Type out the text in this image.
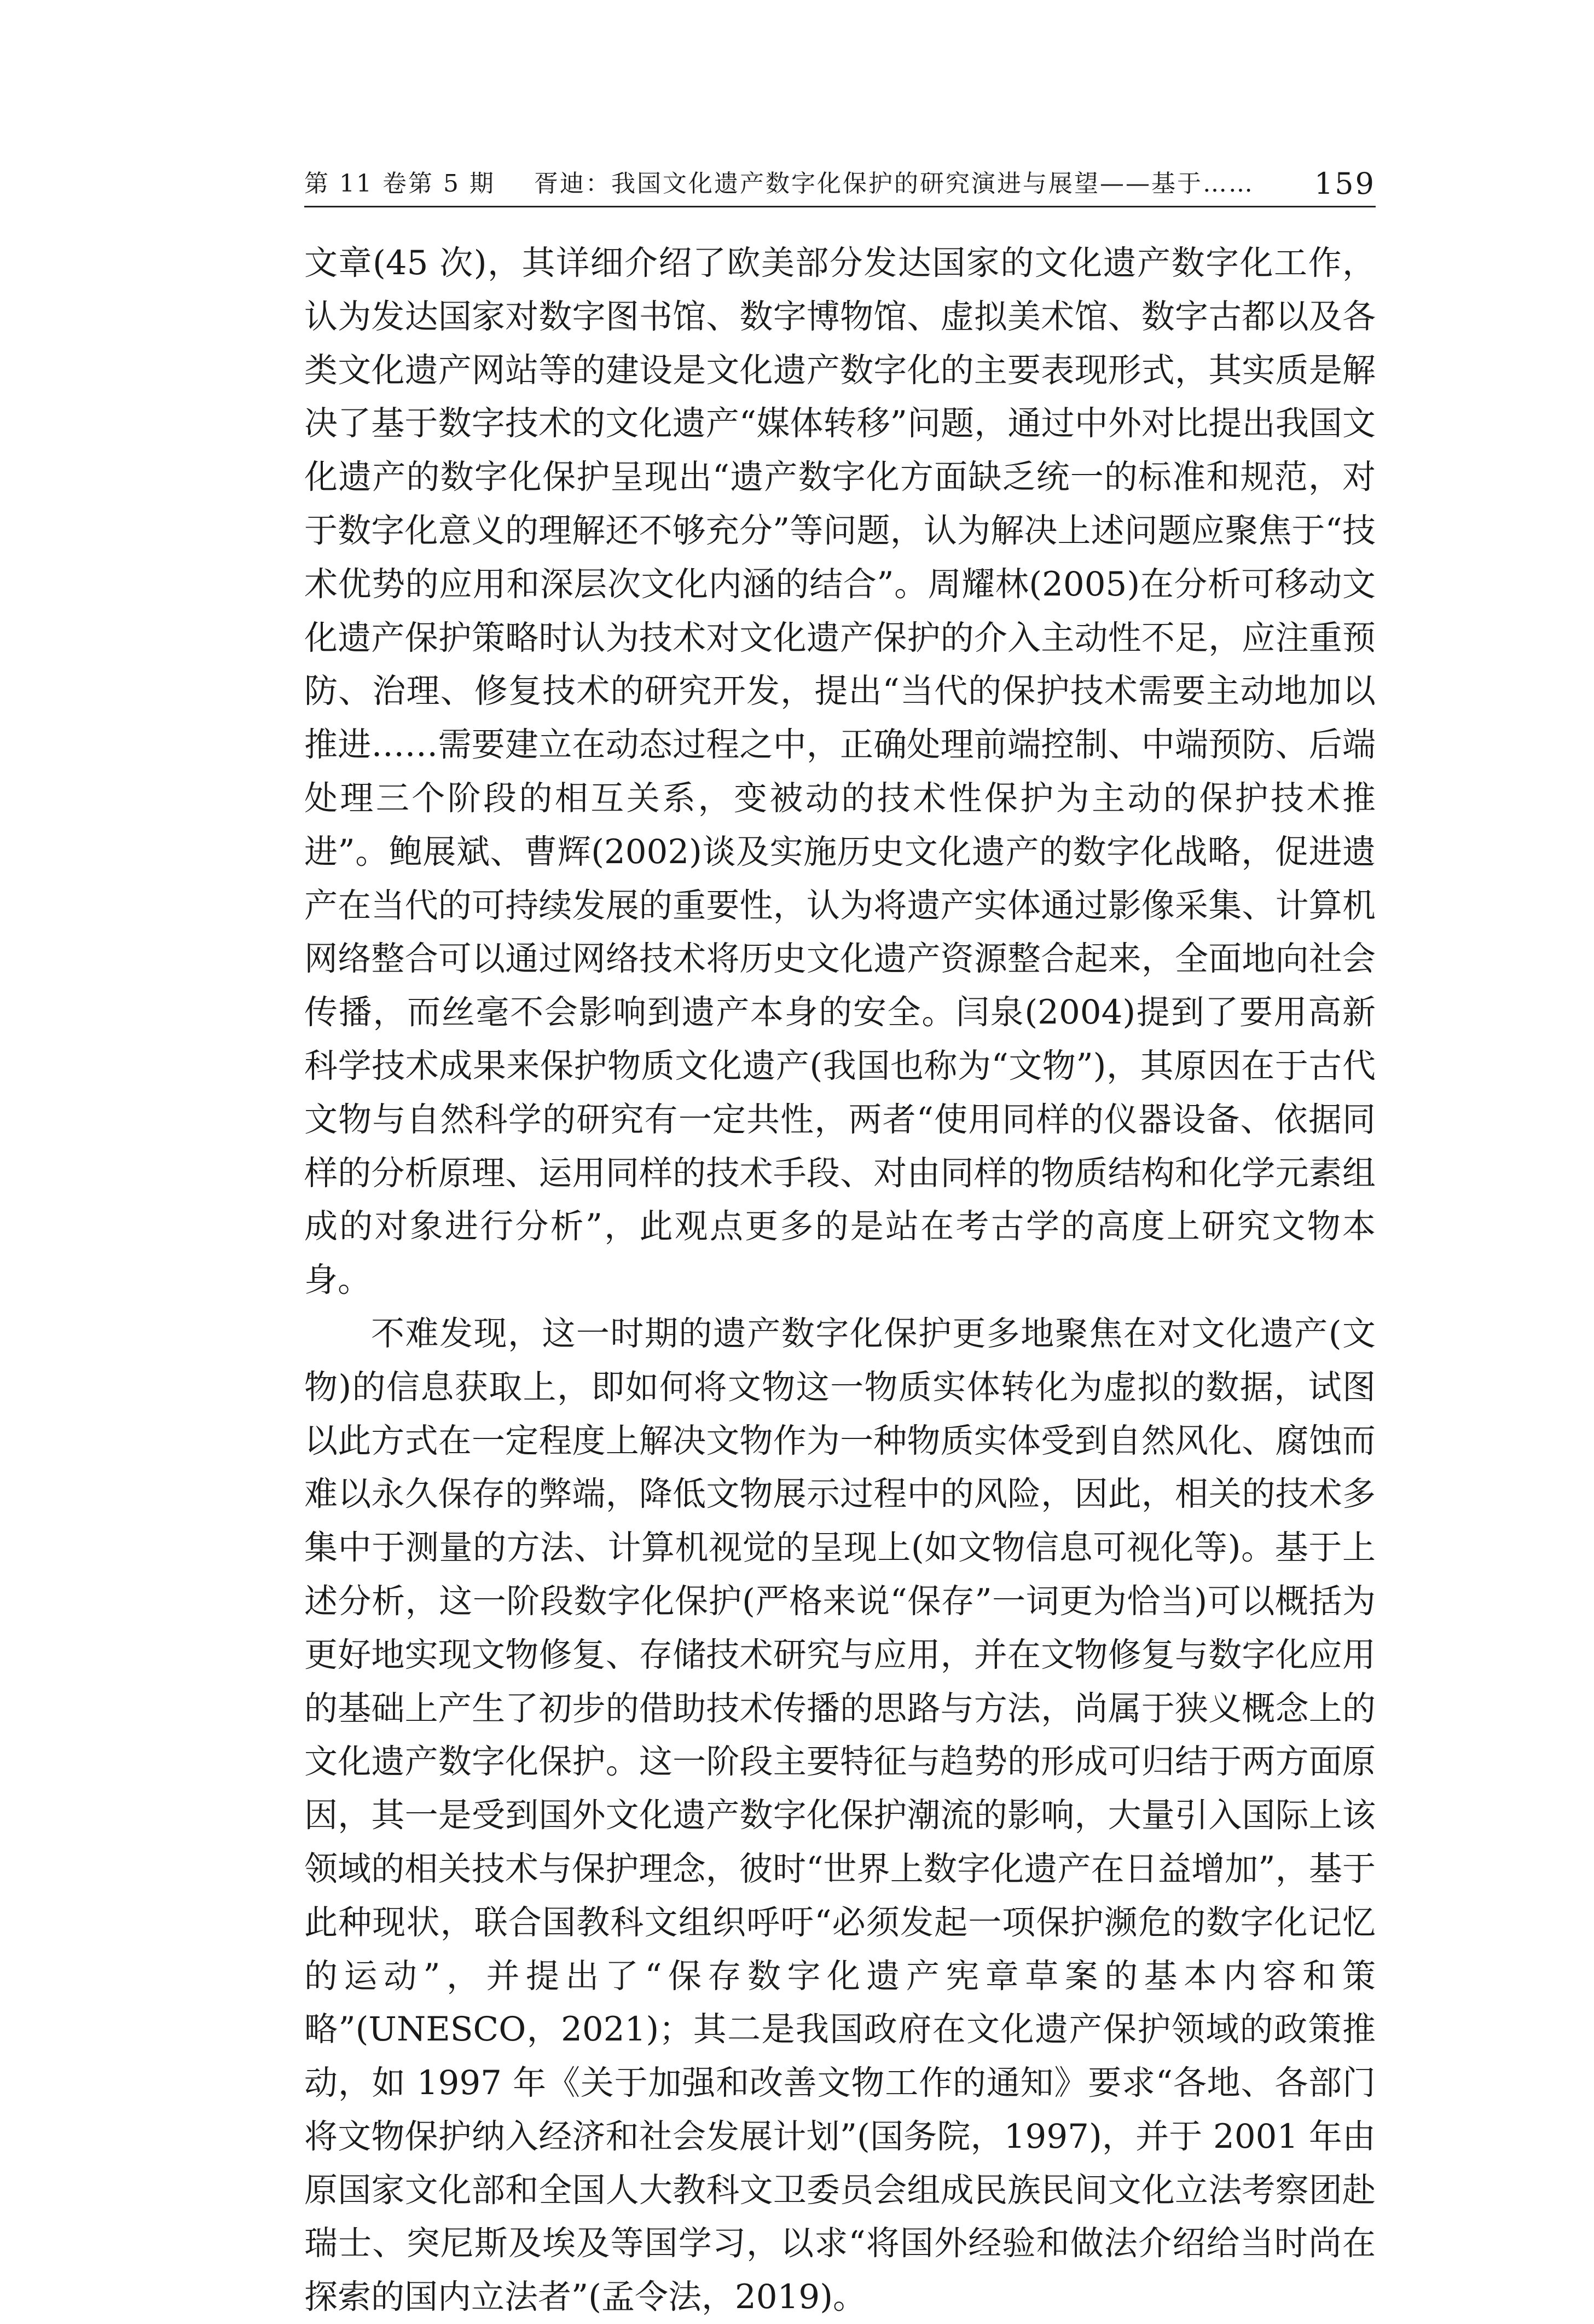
第 11 卷第 5 期 胥迪：我国文化遗产数字化保护的研究演进与展望——基于…… 159

文章(45 次)，其详细介绍了欧美部分发达国家的文化遗产数字化工作，认为发达国家对数字图书馆、数字博物馆、虚拟美术馆、数字古都以及各类文化遗产网站等的建设是文化遗产数字化的主要表现形式，其实质是解决了基于数字技术的文化遗产“媒体转移”问题，通过中外对比提出我国文化遗产的数字化保护呈现出“遗产数字化方面缺乏统一的标准和规范，对于数字化意义的理解还不够充分”等问题，认为解决上述问题应聚焦于“技术优势的应用和深层次文化内涵的结合”。周耀林(2005)在分析可移动文化遗产保护策略时认为技术对文化遗产保护的介入主动性不足，应注重预防、治理、修复技术的研究开发，提出“当代的保护技术需要主动地加以推进……需要建立在动态过程之中，正确处理前端控制、中端预防、后端处理三个阶段的相互关系，变被动的技术性保护为主动的保护技术推进”。鲍展斌、曹辉(2002)谈及实施历史文化遗产的数字化战略，促进遗产在当代的可持续发展的重要性，认为将遗产实体通过影像采集、计算机网络整合可以通过网络技术将历史文化遗产资源整合起来，全面地向社会传播，而丝毫不会影响到遗产本身的安全。闫泉(2004)提到了要用高新科学技术成果来保护物质文化遗产(我国也称为“文物”)，其原因在于古代文物与自然科学的研究有一定共性，两者“使用同样的仪器设备、依据同样的分析原理、运用同样的技术手段、对由同样的物质结构和化学元素组成的对象进行分析”，此观点更多的是站在考古学的高度上研究文物本身。

不难发现，这一时期的遗产数字化保护更多地聚焦在对文化遗产(文物)的信息获取上，即如何将文物这一物质实体转化为虚拟的数据，试图以此方式在一定程度上解决文物作为一种物质实体受到自然风化、腐蚀而难以永久保存的弊端，降低文物展示过程中的风险，因此，相关的技术多集中于测量的方法、计算机视觉的呈现上(如文物信息可视化等)。基于上述分析，这一阶段数字化保护(严格来说“保存”一词更为恰当)可以概括为更好地实现文物修复、存储技术研究与应用，并在文物修复与数字化应用的基础上产生了初步的借助技术传播的思路与方法，尚属于狭义概念上的文化遗产数字化保护。这一阶段主要特征与趋势的形成可归结于两方面原因，其一是受到国外文化遗产数字化保护潮流的影响，大量引入国际上该领域的相关技术与保护理念，彼时“世界上数字化遗产在日益增加”，基于此种现状，联合国教科文组织呼吁“必须发起一项保护濒危的数字化记忆的运动”，并提出了“保存数字化遗产宪章草案的基本内容和策略”(UNESCO，2021)；其二是我国政府在文化遗产保护领域的政策推动，如 1997 年《关于加强和改善文物工作的通知》要求“各地、各部门将文物保护纳入经济和社会发展计划”(国务院，1997)，并于 2001 年由原国家文化部和全国人大教科文卫委员会组成民族民间文化立法考察团赴瑞士、突尼斯及埃及等国学习，以求“将国外经验和做法介绍给当时尚在探索的国内立法者”(孟令法，2019)。
